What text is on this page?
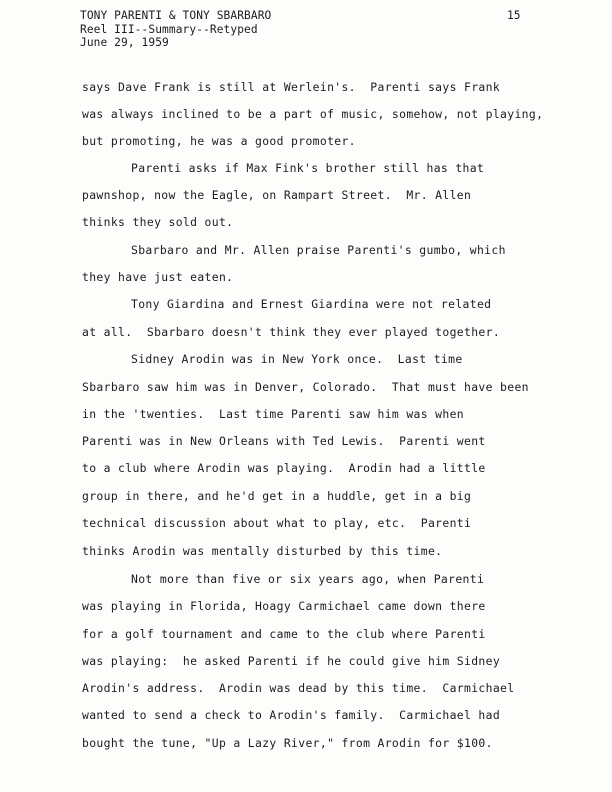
TONY PARENTI & TONY SBARBARO
Reel III--Summary--Retyped
June 29, 1959
15
says Dave Frank is still at Werlein's.  Parenti says Frank
was always inclined to be a part of music, somehow, not playing,
but promoting, he was a good promoter.
Parenti asks if Max Fink's brother still has that
pawnshop, now the Eagle, on Rampart Street.  Mr. Allen
thinks they sold out.
Sbarbaro and Mr. Allen praise Parenti's gumbo, which
they have just eaten.
Tony Giardina and Ernest Giardina were not related
at all.  Sbarbaro doesn't think they ever played together.
Sidney Arodin was in New York once.  Last time
Sbarbaro saw him was in Denver, Colorado.  That must have been
in the 'twenties.  Last time Parenti saw him was when
Parenti was in New Orleans with Ted Lewis.  Parenti went
to a club where Arodin was playing.  Arodin had a little
group in there, and he'd get in a huddle, get in a big
technical discussion about what to play, etc.  Parenti
thinks Arodin was mentally disturbed by this time.
Not more than five or six years ago, when Parenti
was playing in Florida, Hoagy Carmichael came down there
for a golf tournament and came to the club where Parenti
was playing:  he asked Parenti if he could give him Sidney
Arodin's address.  Arodin was dead by this time.  Carmichael
wanted to send a check to Arodin's family.  Carmichael had
bought the tune, "Up a Lazy River," from Arodin for $100.
